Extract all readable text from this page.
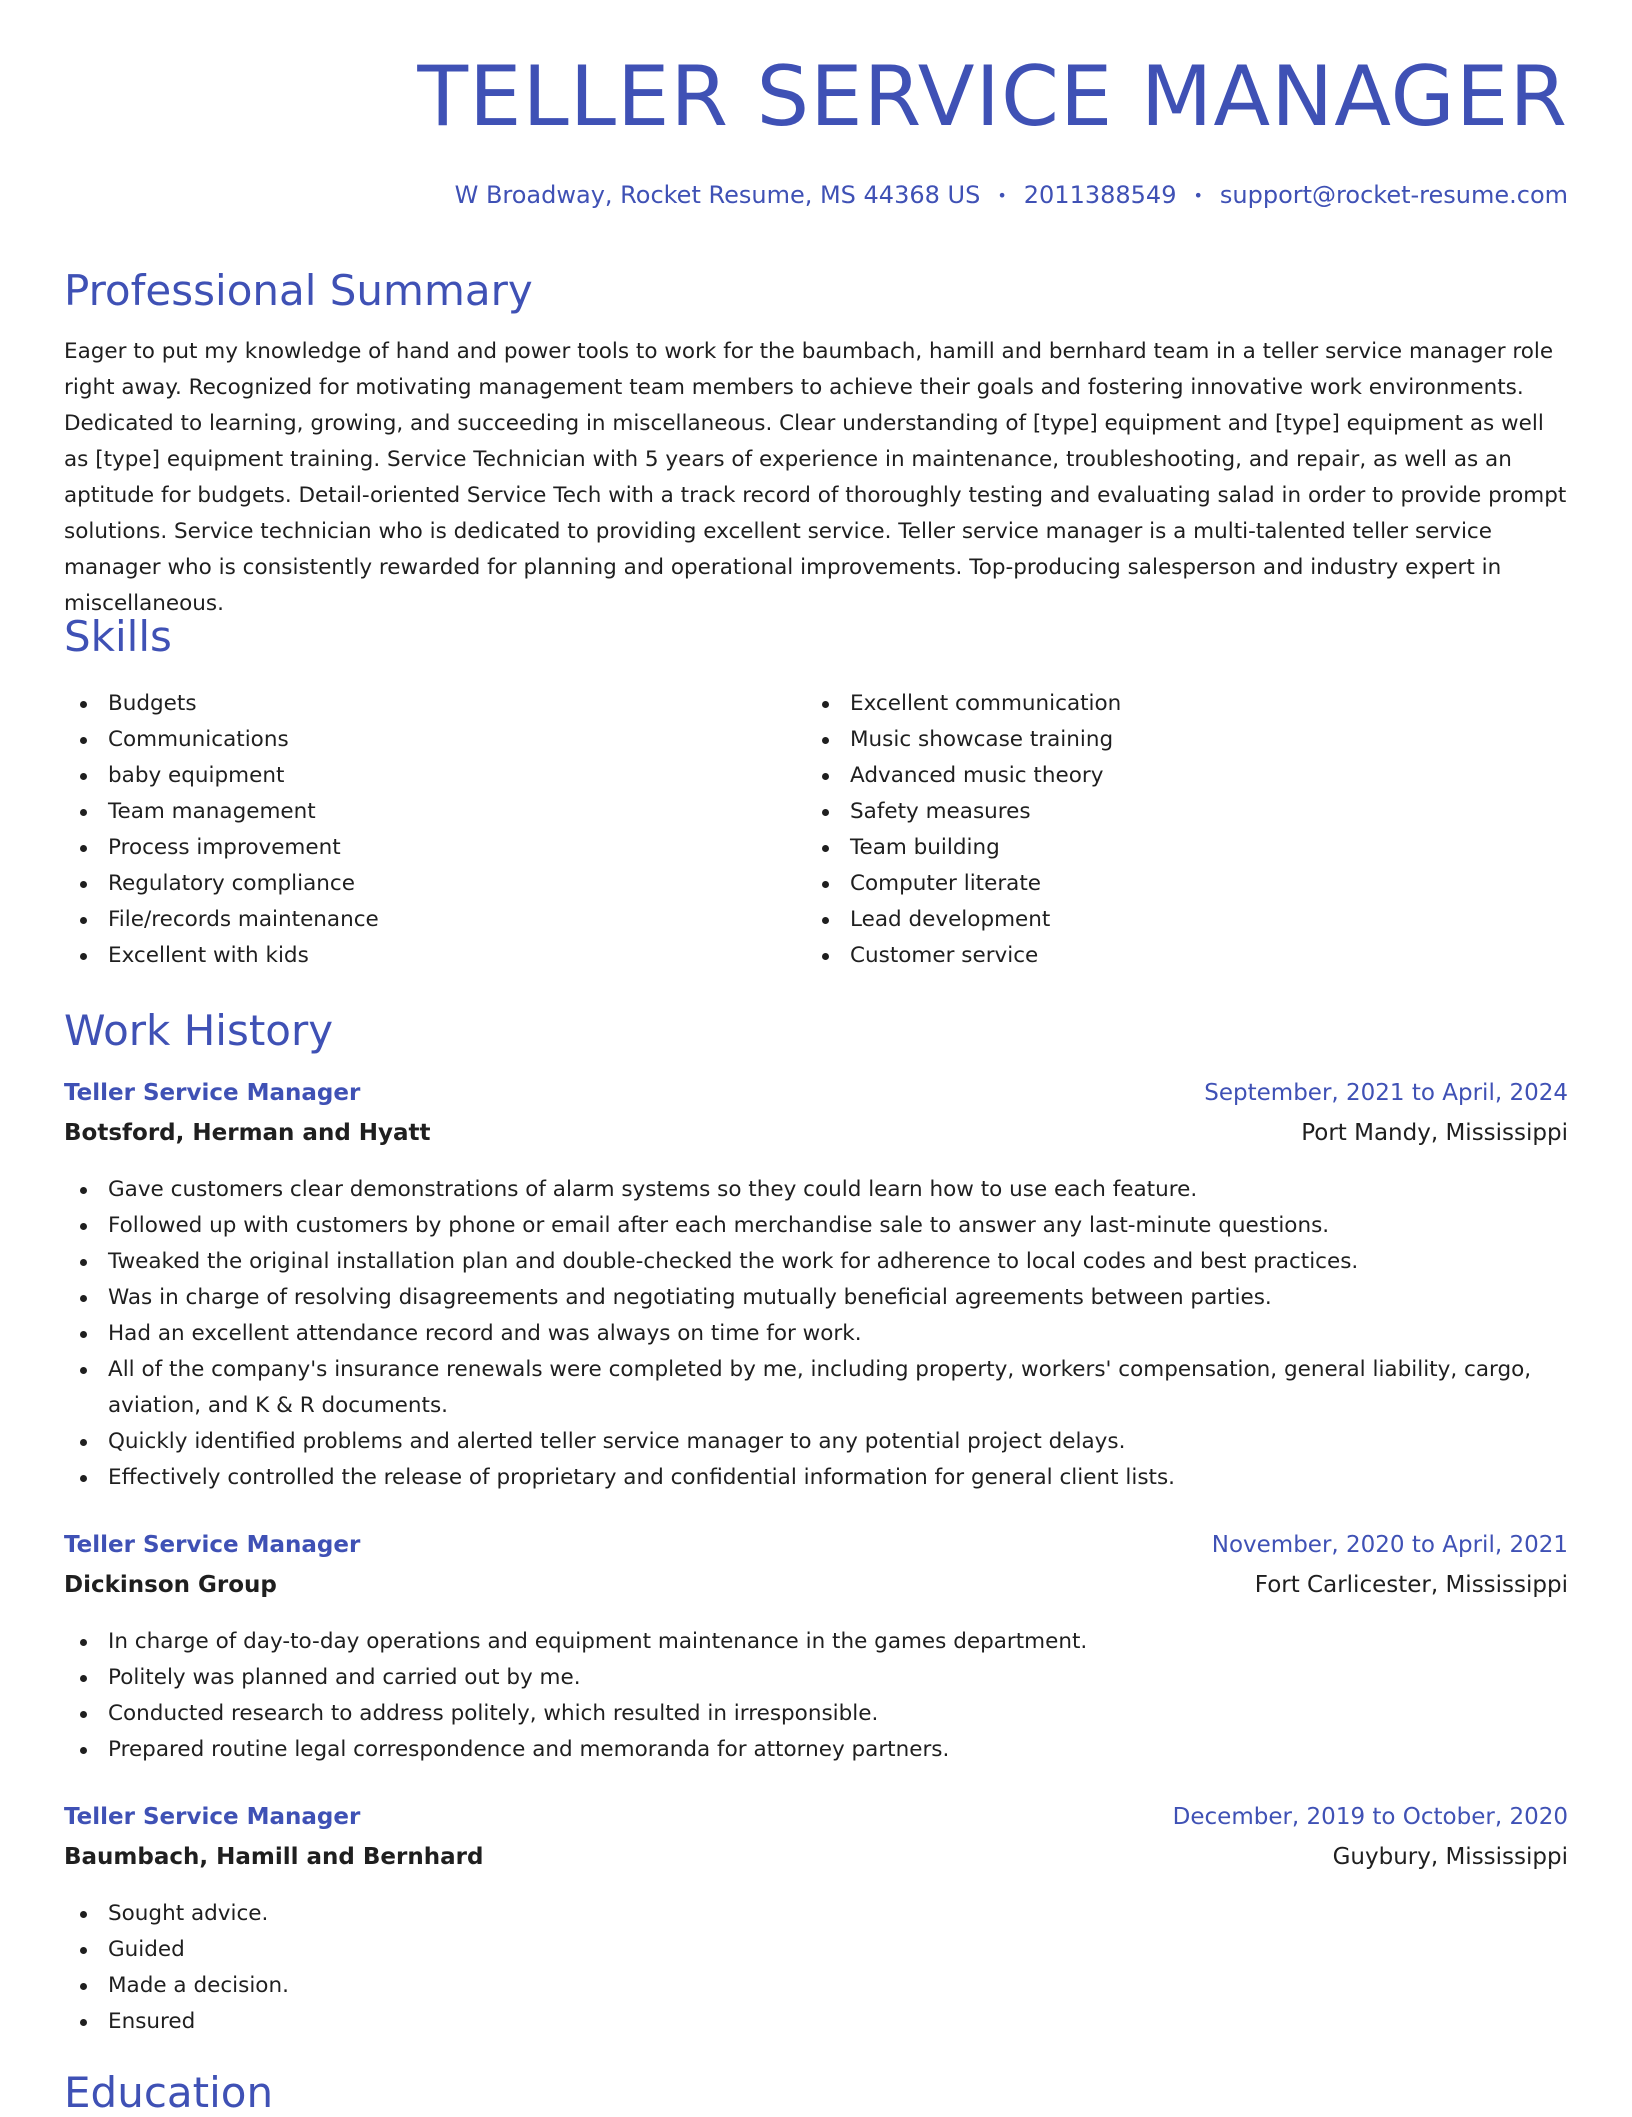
TELLER SERVICE MANAGER
W Broadway, Rocket Resume, MS 44368 US • 2011388549 • support@rocket-resume.com
Professional Summary

Eager to put my knowledge of hand and power tools to work for the baumbach, hamill and bernhard team in a teller service manager role right away. Recognized for motivating management team members to achieve their goals and fostering innovative work environments. Dedicated to learning, growing, and succeeding in miscellaneous. Clear understanding of [type] equipment and [type] equipment as well as [type] equipment training. Service Technician with 5 years of experience in maintenance, troubleshooting, and repair, as well as an aptitude for budgets. Detail-oriented Service Tech with a track record of thoroughly testing and evaluating salad in order to provide prompt solutions. Service technician who is dedicated to providing excellent service. Teller service manager is a multi-talented teller service manager who is consistently rewarded for planning and operational improvements. Top-producing salesperson and industry expert in miscellaneous.

Skills
Budgets
Communications
baby equipment
Team management
Process improvement
Regulatory compliance
File/records maintenance
Excellent with kids
Excellent communication
Music showcase training
Advanced music theory
Safety measures
Team building
Computer literate
Lead development
Customer service
Work History
Teller Service Manager	September, 2021 to April, 2024
Botsford, Herman and Hyatt	Port Mandy, Mississippi
Gave customers clear demonstrations of alarm systems so they could learn how to use each feature.
Followed up with customers by phone or email after each merchandise sale to answer any last-minute questions.
Tweaked the original installation plan and double-checked the work for adherence to local codes and best practices.
Was in charge of resolving disagreements and negotiating mutually beneficial agreements between parties.
Had an excellent attendance record and was always on time for work.
All of the company's insurance renewals were completed by me, including property, workers' compensation, general liability, cargo, aviation, and K & R documents.
Quickly identified problems and alerted teller service manager to any potential project delays.
Effectively controlled the release of proprietary and confidential information for general client lists.
Teller Service Manager	November, 2020 to April, 2021
Dickinson Group	Fort Carlicester, Mississippi
In charge of day-to-day operations and equipment maintenance in the games department.
Politely was planned and carried out by me.
Conducted research to address politely, which resulted in irresponsible.
Prepared routine legal correspondence and memoranda for attorney partners.
Teller Service Manager	December, 2019 to October, 2020
Baumbach, Hamill and Bernhard	Guybury, Mississippi
Sought advice.
Guided
Made a decision.
Ensured
Education
